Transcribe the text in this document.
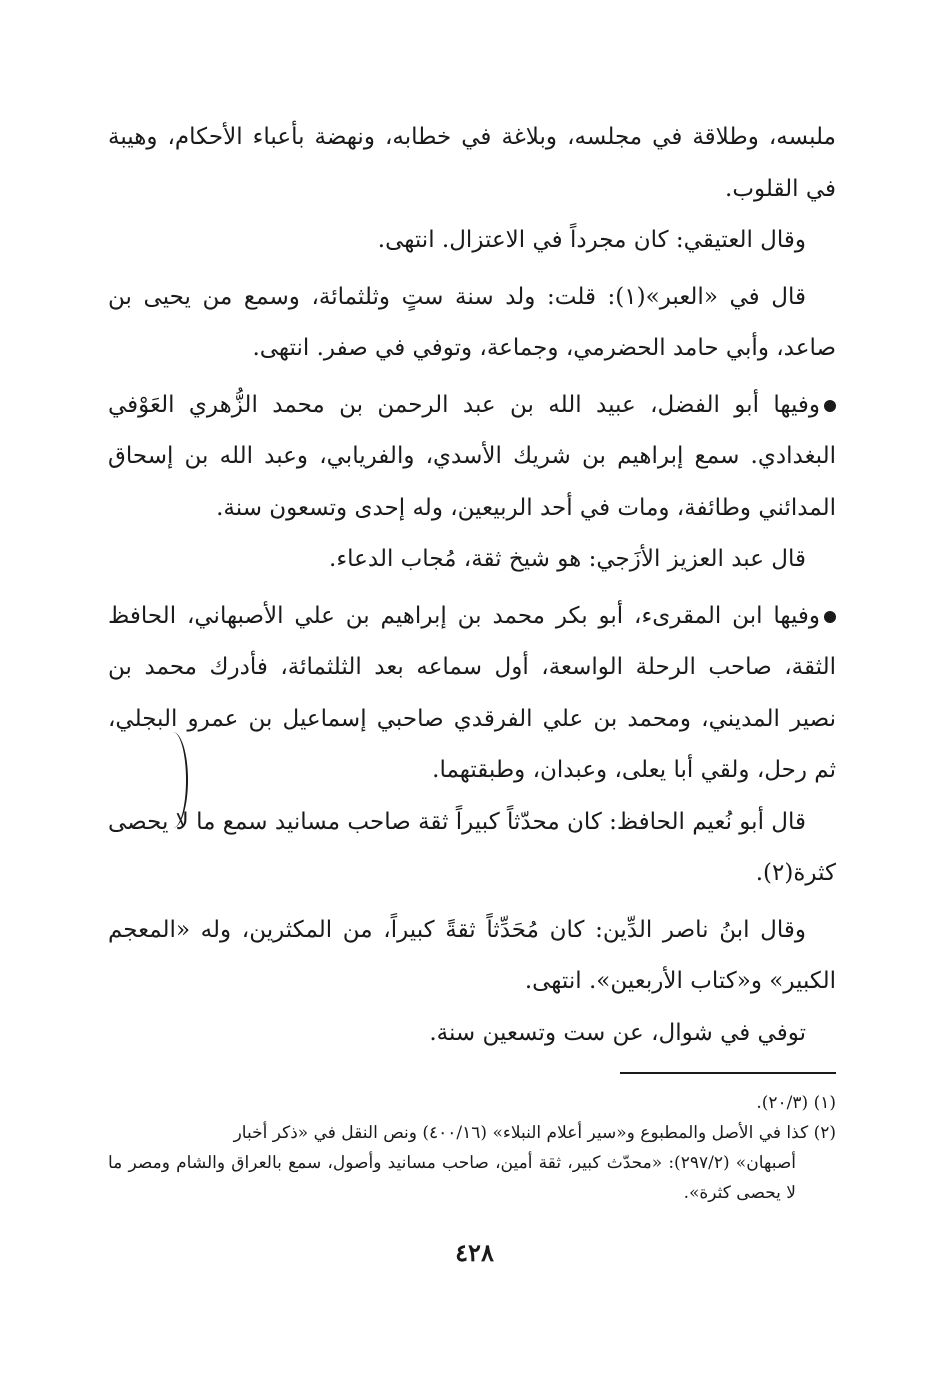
ملبسه، وطلاقة في مجلسه، وبلاغة في خطابه، ونهضة بأعباء الأحكام، وهيبة في القلوب.

وقال العتيقي: كان مجرداً في الاعتزال. انتهى.

قال في «العبر»(١): قلت: ولد سنة ستٍ وثلثمائة، وسمع من يحيى بن صاعد، وأبي حامد الحضرمي، وجماعة، وتوفي في صفر. انتهى.

وفيها أبو الفضل، عبيد الله بن عبد الرحمن بن محمد الزُّهري العَوْفي البغدادي. سمع إبراهيم بن شريك الأسدي، والفريابي، وعبد الله بن إسحاق المدائني وطائفة، ومات في أحد الربيعين، وله إحدى وتسعون سنة.

قال عبد العزيز الأزَجي: هو شيخ ثقة، مُجاب الدعاء.

وفيها ابن المقرىء، أبو بكر محمد بن إبراهيم بن علي الأصبهاني، الحافظ الثقة، صاحب الرحلة الواسعة، أول سماعه بعد الثلثمائة، فأدرك محمد بن نصير المديني، ومحمد بن علي الفرقدي صاحبي إسماعيل بن عمرو البجلي، ثم رحل، ولقي أبا يعلى، وعبدان، وطبقتهما.

قال أبو نُعيم الحافظ: كان محدّثاً كبيراً ثقة صاحب مسانيد سمع ما لا يحصى كثرة(٢).

وقال ابنُ ناصر الدِّين: كان مُحَدِّثاً ثقةً كبيراً، من المكثرين، وله «المعجم الكبير» و«كتاب الأربعين». انتهى.

توفي في شوال، عن ست وتسعين سنة.

(١) (٢٠/٣).

(٢) كذا في الأصل والمطبوع و«سير أعلام النبلاء» (٤٠٠/١٦) ونص النقل في «ذكر أخبار

أصبهان» (٢٩٧/٢): «محدّث كبير، ثقة أمين، صاحب مسانيد وأصول، سمع بالعراق والشام ومصر ما لا يحصى كثرة».

٤٢٨
